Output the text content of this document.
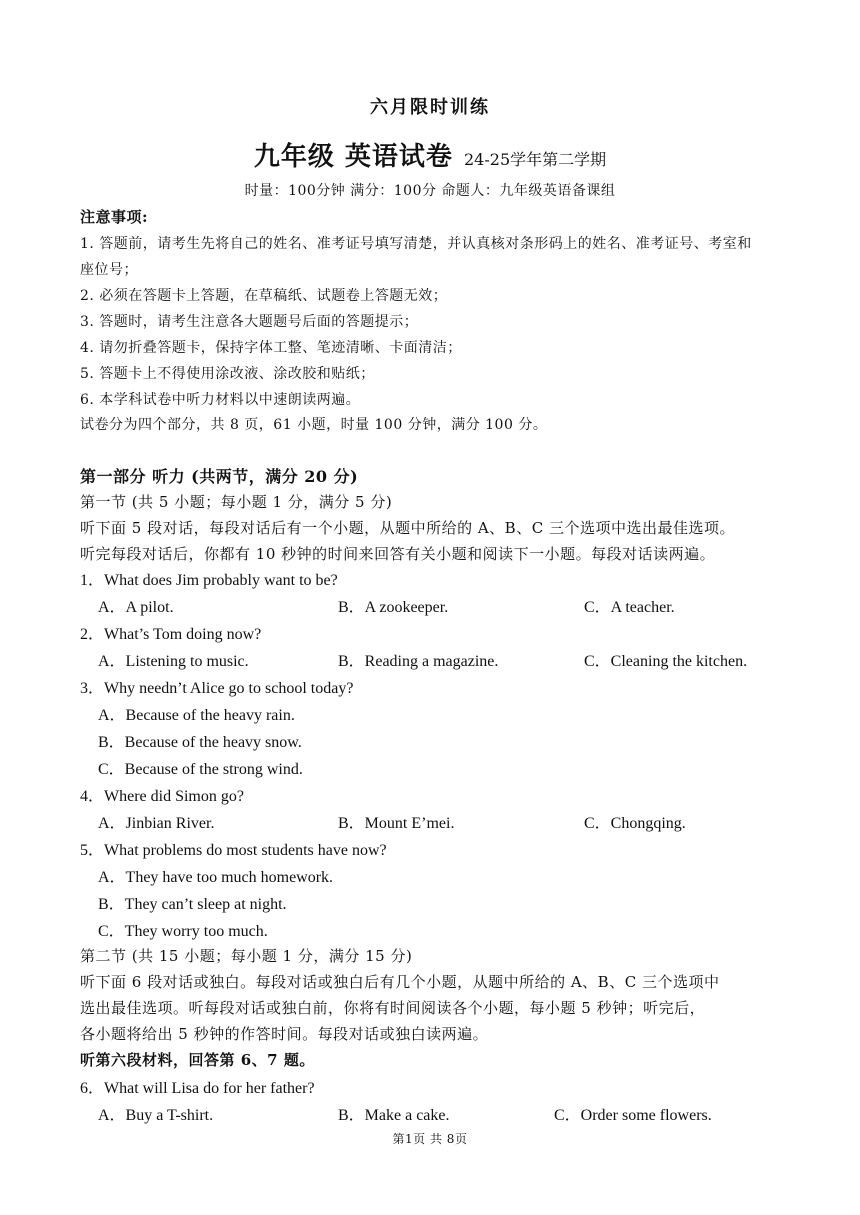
六月限时训练
九年级 英语试卷 24-25学年第二学期
时量：100分钟 满分：100分 命题人：九年级英语备课组
注意事项:
1. 答题前，请考生先将自己的姓名、准考证号填写清楚，并认真核对条形码上的姓名、准考证号、考室和
座位号；
2. 必须在答题卡上答题，在草稿纸、试题卷上答题无效；
3. 答题时，请考生注意各大题题号后面的答题提示；
4. 请勿折叠答题卡，保持字体工整、笔迹清晰、卡面清洁；
5. 答题卡上不得使用涂改液、涂改胶和贴纸；
6. 本学科试卷中听力材料以中速朗读两遍。
试卷分为四个部分，共 8 页，61 小题，时量 100 分钟，满分 100 分。
第一部分 听力 (共两节，满分 20 分)
第一节 (共 5 小题；每小题 1 分，满分 5 分)
听下面 5 段对话，每段对话后有一个小题，从题中所给的 A、B、C 三个选项中选出最佳选项。
听完每段对话后，你都有 10 秒钟的时间来回答有关小题和阅读下一小题。每段对话读两遍。
1．What does Jim probably want to be?
A．A pilot.	B．A zookeeper.	C．A teacher.
2．What’s Tom doing now?
A．Listening to music.	B．Reading a magazine.	C．Cleaning the kitchen.
3．Why needn’t Alice go to school today?
A．Because of the heavy rain.
B．Because of the heavy snow.
C．Because of the strong wind.
4．Where did Simon go?
A．Jinbian River.	B．Mount E’mei.	C．Chongqing.
5．What problems do most students have now?
A．They have too much homework.
B．They can’t sleep at night.
C．They worry too much.
第二节 (共 15 小题；每小题 1 分，满分 15 分)
听下面 6 段对话或独白。每段对话或独白后有几个小题，从题中所给的 A、B、C 三个选项中
选出最佳选项。听每段对话或独白前，你将有时间阅读各个小题，每小题 5 秒钟；听完后，
各小题将给出 5 秒钟的作答时间。每段对话或独白读两遍。
听第六段材料，回答第 6、7 题。
6．What will Lisa do for her father?
A．Buy a T-shirt.	B．Make a cake.	C．Order some flowers.
第1页 共 8页
